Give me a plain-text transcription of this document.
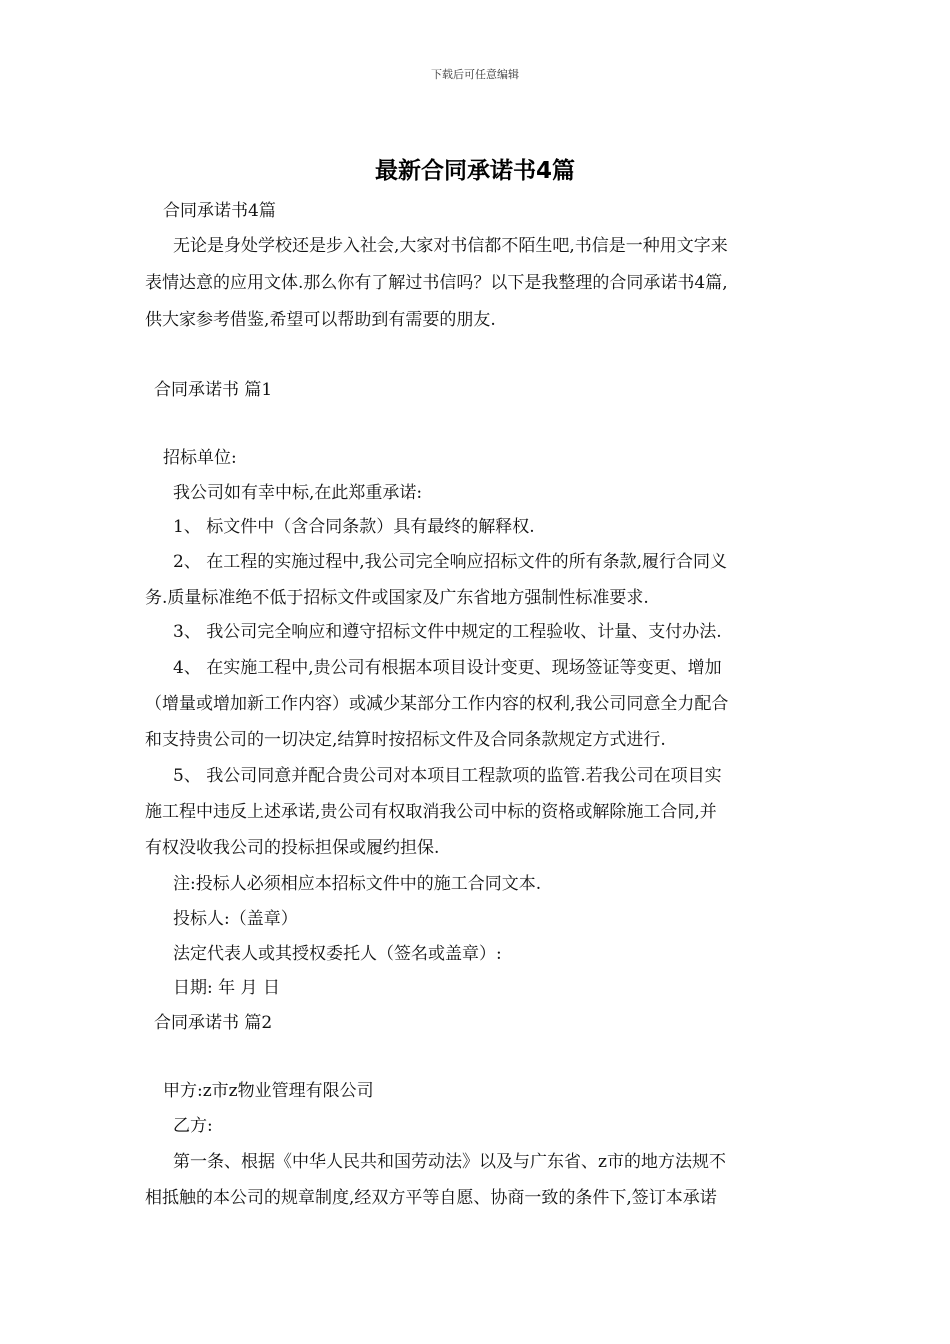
下载后可任意编辑
最新合同承诺书4篇
合同承诺书4篇
无论是身处学校还是步入社会,大家对书信都不陌生吧,书信是一种用文字来
表情达意的应用文体.那么你有了解过书信吗？以下是我整理的合同承诺书4篇,
供大家参考借鉴,希望可以帮助到有需要的朋友.
合同承诺书 篇1
招标单位:
我公司如有幸中标,在此郑重承诺:
1、 标文件中（含合同条款）具有最终的解释权.
2、 在工程的实施过程中,我公司完全响应招标文件的所有条款,履行合同义
务.质量标准绝不低于招标文件或国家及广东省地方强制性标准要求.
3、 我公司完全响应和遵守招标文件中规定的工程验收、计量、支付办法.
4、 在实施工程中,贵公司有根据本项目设计变更、现场签证等变更、增加
（增量或增加新工作内容）或减少某部分工作内容的权利,我公司同意全力配合
和支持贵公司的一切决定,结算时按招标文件及合同条款规定方式进行.
5、 我公司同意并配合贵公司对本项目工程款项的监管.若我公司在项目实
施工程中违反上述承诺,贵公司有权取消我公司中标的资格或解除施工合同,并
有权没收我公司的投标担保或履约担保.
注:投标人必须相应本招标文件中的施工合同文本.
投标人:（盖章）
法定代表人或其授权委托人（签名或盖章）:
日期: 年 月 日
合同承诺书 篇2
甲方:z市z物业管理有限公司
乙方:
第一条、根据《中华人民共和国劳动法》以及与广东省、z市的地方法规不
相抵触的本公司的规章制度,经双方平等自愿、协商一致的条件下,签订本承诺
